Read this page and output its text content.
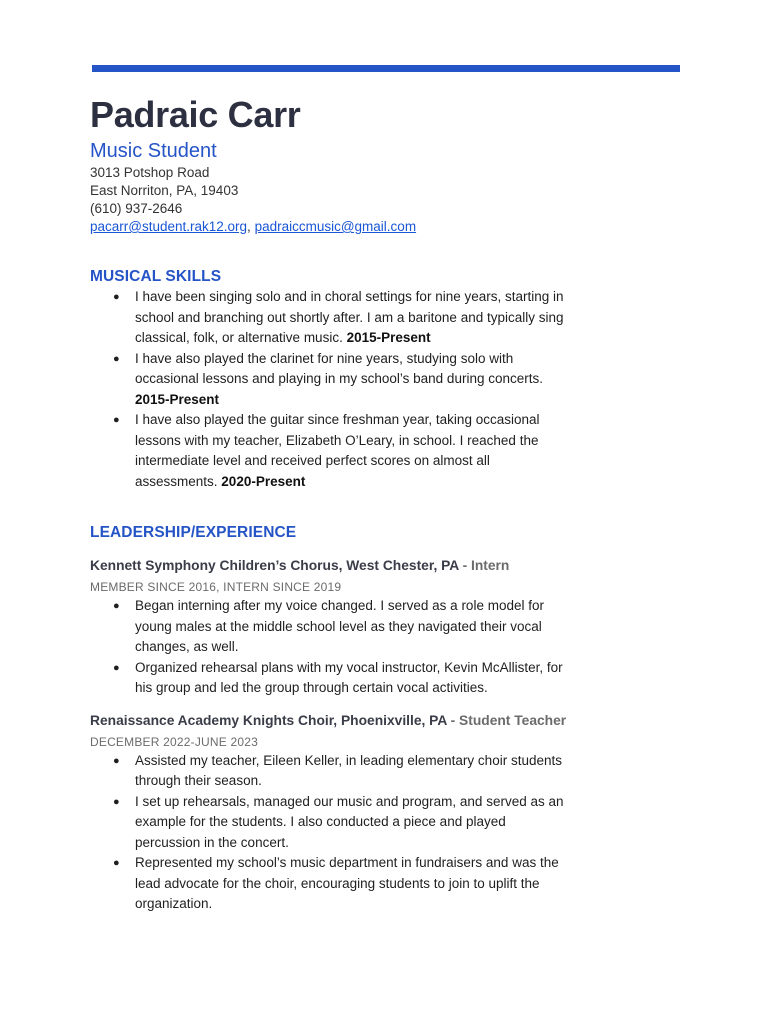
Padraic Carr
Music Student
3013 Potshop Road
East Norriton, PA, 19403
(610) 937-2646
pacarr@student.rak12.org, padraiccmusic@gmail.com
MUSICAL SKILLS
● I have been singing solo and in choral settings for nine years, starting in school and branching out shortly after. I am a baritone and typically sing classical, folk, or alternative music. 2015-Present
● I have also played the clarinet for nine years, studying solo with occasional lessons and playing in my school’s band during concerts.
2015-Present
● I have also played the guitar since freshman year, taking occasional lessons with my teacher, Elizabeth O’Leary, in school. I reached the intermediate level and received perfect scores on almost all assessments. 2020-Present
LEADERSHIP/EXPERIENCE
Kennett Symphony Children’s Chorus, West Chester, PA - Intern
MEMBER SINCE 2016, INTERN SINCE 2019
● Began interning after my voice changed. I served as a role model for young males at the middle school level as they navigated their vocal changes, as well.
● Organized rehearsal plans with my vocal instructor, Kevin McAllister, for his group and led the group through certain vocal activities.
Renaissance Academy Knights Choir, Phoenixville, PA - Student Teacher
DECEMBER 2022-JUNE 2023
● Assisted my teacher, Eileen Keller, in leading elementary choir students through their season.
● I set up rehearsals, managed our music and program, and served as an example for the students. I also conducted a piece and played percussion in the concert.
● Represented my school’s music department in fundraisers and was the lead advocate for the choir, encouraging students to join to uplift the organization.
